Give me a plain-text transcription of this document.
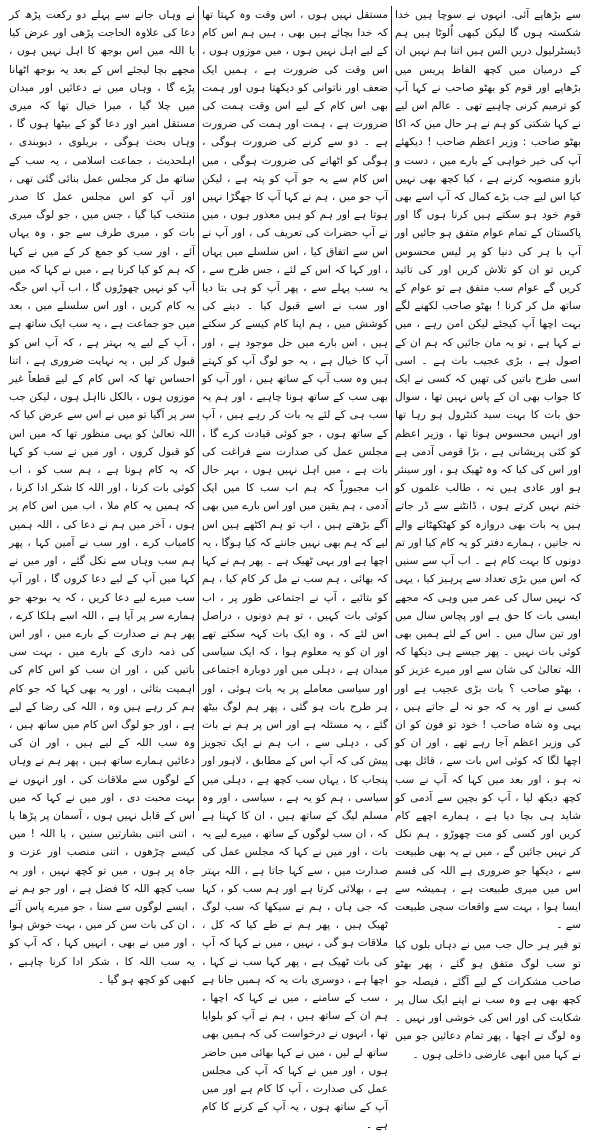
سے بڑھاپے آئی. انہوں نے سوچا ہیں خدا شکستہ ہوں گا لیکن کبھی اُلوٹا ہیں ہم ڈیسٹرلیول دریں الس ہیں اتنا ہم نہیں ان کے درمیان میں کچھ الفاظ پریس میں بڑھاپے اور قوم کو بھٹو صاحب نے کہا آپ کو ترمیم کرنی چاہیے تھی ۔ عالم اس لیے نے کہا شکتی کو ہم نے ہر حال میں کہ اکا بھٹو صاحب : وزیر اعظم صاحب ! دیکھئے آپ کی خیر خواہی کے بارے میں ، دست و بازو منصوبہ کرنے ہے ، کیا کچھ بھی نہیں کیا اس لیے جب بڑے کمال کہ آپ اسے بھی قوم خود ہو سکتے ہیں کرنا ہوں گا اور پاکستان کے تمام عوام متفق ہو جائیں اور آپ با ہر کی دنیا کو پر لیس محسوس کریں تو ان کو تلاش کریں اور کی تائید کریں گے عوام سب متفق ہے تو عوام کے ساتھ مل کر کرنا ! بھٹو صاحب لکھنے لگے بہت اچھا آپ کیجئے لیکن امن رہے ، میں نے کہا ہے ، تو یہ مان جائیں کہ ہم ان کے اصول ہے ، بڑی عجیب بات ہے ۔ اسی اسی طرح باتیں کی تھیں کہ کسی نے ایک کا جواب بھی ان کے پاس نہیں تھا ، سوال حق بات کا بہت سید کنٹرول ہو رہا تھا اور انہیں محسوس ہوتا تھا ، وزیر اعظم کو کئی پریشانی ہے ، بڑا قومی آدمی ہے اور اس کی کیا کہ وہ ٹھیک ہو ، اور سینئر ہو اور عادی ہیں نہ ، طالب علموں کو ختم نہیں کرتے ہوں ، ڈانٹنے سے ڈر جاتے ہیں یہ بات بھی دروازہ کو کھٹکھٹانے والے نہ جانیں ، ہمارے دفتر کو یہ کام کیا اور تم دونوں کا بہت کام ہے ۔ اب آپ سے سنیں کہ اس میں بڑی تعداد سے پرہیز کیا ، یہی کہ نہیں سال کی عمر میں وہی کہ مجھے ایسی بات کا حق ہے اور پچاس سال میں اور تین سال میں ۔ اس کے لئے ہمیں بھی کوئی بات نہیں ۔ پھر جیسے ہی دیکھا کہ اللہ تعالیٰ کی شان سے اور میرے عزیز کو ، بھٹو صاحب ؟ بات بڑی عجیب ہے اور کسی نے اور یہ کہ جو نہ لے جاتے ہیں ، یہی وہ شاہ صاحب ! خود تو فون کو ان کی وزیر اعظم آجا رہے تھے ، اور ان کو اچھا لگا کہ کوئی اس بات سے ، قائل بھی نہ ہو ، اور بعد میں کہا کہ آپ نے سب کچھ دیکھ لیا ، آپ کو بچپن سے آدمی کو شاید ہی بچا دیا ہے ، ہمارے اچھے کام کریں اور کسی کو مت چھوڑو ، ہم نکل کر نہیں جائیں گے ، میں نے یہ بھی طبیعت سے ، دیکھا جو ضروری ہے اللہ کی قسم اس میں میری طبیعت ہے ، ہمیشہ سے ایسا ہوا ، بہت سے واقعات سچی طبیعت سے ۔

تو فیر ہر حال جب میں نے دہاں بلوں کیا تو سب لوگ متفق ہو گئے ، پھر بھٹو صاحب مشکرات کے لیے آگئے ، فیصلہ جو کچھ بھی ہے وہ سب نے اپنے ایک سال پر شکایت کی اور اس کی خوشی اور نہیں ۔ وہ لوگ نے اچھا ، پھر تمام دعائیں جو میں نے کہا میں ابھی عارضی داخلی ہوں ۔

مستقل نہیں ہوں ، اس وقت وہ کہتا تھا کہ خدا بچائے ہیں بھی ، ہیں ہم اس کام کے لیے اہل نہیں ہوں ، میں موزوں ہوں ، اس وقت کی ضرورت ہے ، ہمیں ایک ضعف اور ناتوانی کو دیکھتا ہوں اور ہمت بھی اس کام کے لیے اس وقت ہمت کی ضرورت ہے ، ہمت اور ہمت کی ضرورت ہے ۔ دو سے کرنے کی ضرورت ہوگی ، ہوگی کو اٹھانے کی ضرورت ہوگی ، میں اس کام سے یہ جو آپ کو پتہ ہے ، لیکن آپ جو میں ، ہم نے کہا آپ کا جھگڑا نہیں ہوتا ہے اور ہم کو ہیں معذور ہوں ، میں نے آپ حضرات کی تعریف کی ، اور آپ نے اس سے اتفاق کیا ، اس سلسلے میں یہاں ، اور کہا کہ اس کے لئے ، جس طرح سے ، یہ سب پہلے سے ، پھر آپ کو ہی بتا دیا اور سب نے اسے قبول کیا ۔ دینے کی کوشش میں ، ہم اپنا کام کیسے کر سکتے ہیں ، اس بارے میں حل موجود ہے ، اور آپ کا خیال ہے ، یہ جو لوگ آپ کو کہتے ہیں وہ سب آپ کے ساتھ ہیں ، اور آپ کو بھی سب کے ساتھ ہونا چاہیے ، اور ہم یہ سب ہی کے لئے یہ بات کر رہے ہیں ، آپ کے ساتھ ہوں ، جو کوئی قیادت کرے گا ، مجلس عمل کی صدارت سے فراغت کی بات ہے ، میں اہل نہیں ہوں ، بہر حال اب مجبوراً کہ ہم اب سب کا میں ایک آدمی ، ہم یقین میں اور اس بارے میں بھی آگے بڑھتے ہیں ، اب تو ہم اکٹھے ہیں اس لیے کہ ہم بھی نہیں جانتے کہ کیا ہوگا ، یہ اچھا ہے اور یہی ٹھیک ہے ۔ پھر ہم نے کہا کہ بھائی ، ہم سب نے مل کر کام کیا ، ہم کو بتائیے ، آپ نے اجتماعی طور پر ، اب کوئی بات کہیں ، تو ہم دونوں ، دراصل اس لئے کہ ، وہ ایک بات کہہ سکتے تھے اور ان کو یہ معلوم ہوا ، کہ ایک سیاسی میدان ہے ، دہلی میں اور دوبارہ اجتماعی اور سیاسی معاملے پر یہ بات ہوئی ، اور ہر طرح بات ہو گئی ، پھر ہم لوگ بیٹھ گئے ، یہ مسئلہ ہے اور اس پر ہم نے بات کی ، دہلی سے ، اب ہم نے ایک تجویز پیش کی کہ آپ اس کے مطابق ، لاہور اور پنجاب کا ، یہاں سب کچھ ہے ، دہلی میں سیاسی ، ہم کو یہ ہے ، سیاسی ، اور وہ مسلم لیگ کے ساتھ ہیں ، ان کا کہنا ہے کہ ، ان سب لوگوں کے ساتھ ، میرے لیے یہ بات ، اور میں نے کہا کہ مجلس عمل کی صدارت میں ، سے کہا جاتا ہے ، اللہ بہتر ہے ، بھلائی کرتا ہے اور ہم سب کو ، کہا کہ جی ہاں ، ہم نے سیکھا کہ سب لوگ ٹھیک ہیں ، پھر ہم نے طے کیا کہ کل ، ملاقات ہو گی ، نہیں ، میں نے کہا کہ آپ کی بات ٹھیک ہے ، پھر کہا سب نے کہا ، اچھا ہے ، دوسری بات یہ کہ ہمیں جانا ہے ، سب کے سامنے ، میں نے کہا کہ اچھا ، ہم ان کے ساتھ ہیں ، ہم نے آپ کو بلوایا تھا ، انہوں نے درخواست کی کہ ہمیں بھی ساتھ لے لیں ، میں نے کہا بھائی میں حاضر ہوں ، اور میں نے کہا کہ آپ کی مجلس عمل کی صدارت ، آپ کا کام ہے اور میں آپ کے ساتھ ہوں ، یہ آپ کے کرنے کا کام ہے ۔

نے وہاں جانے سے پہلے دو رکعت پڑھ کر دعا کی علاوہ الحاجت پڑھی اور عرض کیا یا اللہ میں اس بوجھ کا اہل نہیں ہوں ، مجھے بچا لیجئے اس کے بعد یہ بوجھ اٹھانا پڑے گا ، وہاں میں نے دعائیں اور میدان میں چلا گیا ، میرا خیال تھا کہ میری مستقل امیر اور دعا گو کے بیٹھا ہوں گا ، وہاں بحث ہوگی ، بریلوی ، دیوبندی ، اہلحدیث ، جماعت اسلامی ، یہ سب کے ساتھ مل کر مجلس عمل بنائی گئی تھی ، اور آپ کو اس مجلس عمل کا صدر منتخب کیا گیا ، جس میں ، جو لوگ میری بات کو ، میری طرف سے جو ، وہ یہاں آئے ، اور سب کو جمع کر کے میں نے کہا کہ ہم کو کیا کرنا ہے ، میں نے کہا کہ میں آپ کو نہیں چھوڑوں گا ، اب آپ اس جگہ یہ کام کریں ، اور اس سلسلے میں ، بعد میں جو جماعت ہے ، یہ سب ایک ساتھ ہے ، آپ کے لیے یہ بہتر ہے ، کہ آپ اس کو قبول کر لیں ، یہ نہایت ضروری ہے ، اتنا احساس تھا کہ اس کام کے لیے قطعاً غیر موزوں ہوں ، بالکل نااہل ہوں ، لیکن جب سر پر آگیا تو میں نے اس سے عرض کیا کہ اللہ تعالیٰ کو یہی منظور تھا کہ میں اس کو قبول کروں ، اور میں نے سب کو کہا کہ یہ کام ہونا ہے ، ہم سب کو ، اب کوئی بات کرنا ، اور اللہ کا شکر ادا کرنا ، کہ ہمیں یہ کام ملا ، اب میں اس کام پر ہوں ، آخر میں ہم نے دعا کی ، اللہ ہمیں کامیاب کرے ، اور سب نے آمین کہا ، پھر ہم سب وہاں سے نکل گئے ، اور میں نے کہا میں آپ کے لیے دعا کروں گا ، اور آپ سب میرے لیے دعا کریں ، کہ یہ بوجھ جو ہمارے سر پر آیا ہے ، اللہ اسے ہلکا کرے ، پھر ہم نے صدارت کے بارے میں ، اور اس کی ذمہ داری کے بارے میں ، بہت سی باتیں کیں ، اور ان سب کو اس کام کی اہمیت بتائی ، اور یہ بھی کہا کہ جو کام ہم کر رہے ہیں وہ ، اللہ کی رضا کے لیے ہے ، اور جو لوگ اس کام میں ساتھ ہیں ، وہ سب اللہ کے لیے ہیں ، اور ان کی دعائیں ہمارے ساتھ ہیں ، پھر ہم نے وہاں کے لوگوں سے ملاقات کی ، اور انہوں نے بہت محبت دی ، اور میں نے کہا کہ میں اس کے قابل نہیں ہوں ، آسمان پر پڑھا یا ، اتنی اتنی بشارتیں سنیں ، یا اللہ ! میں کیسے چڑھوں ، اتنی منصب اور عزت و جاہ پر ہوں ، میں تو کچھ نہیں ، اور یہ سب کچھ اللہ کا فضل ہے ، اور جو ہم نے ، ایسے لوگوں سے سنا ، جو میرے پاس آئے ، ان کی بات سن کر میں ، بہت خوش ہوا ، اور میں نے بھی ، انہیں کہا ، کہ آپ کو یہ سب اللہ کا ، شکر ادا کرنا چاہیے ، کبھی کو کچھ ہو گیا ۔
